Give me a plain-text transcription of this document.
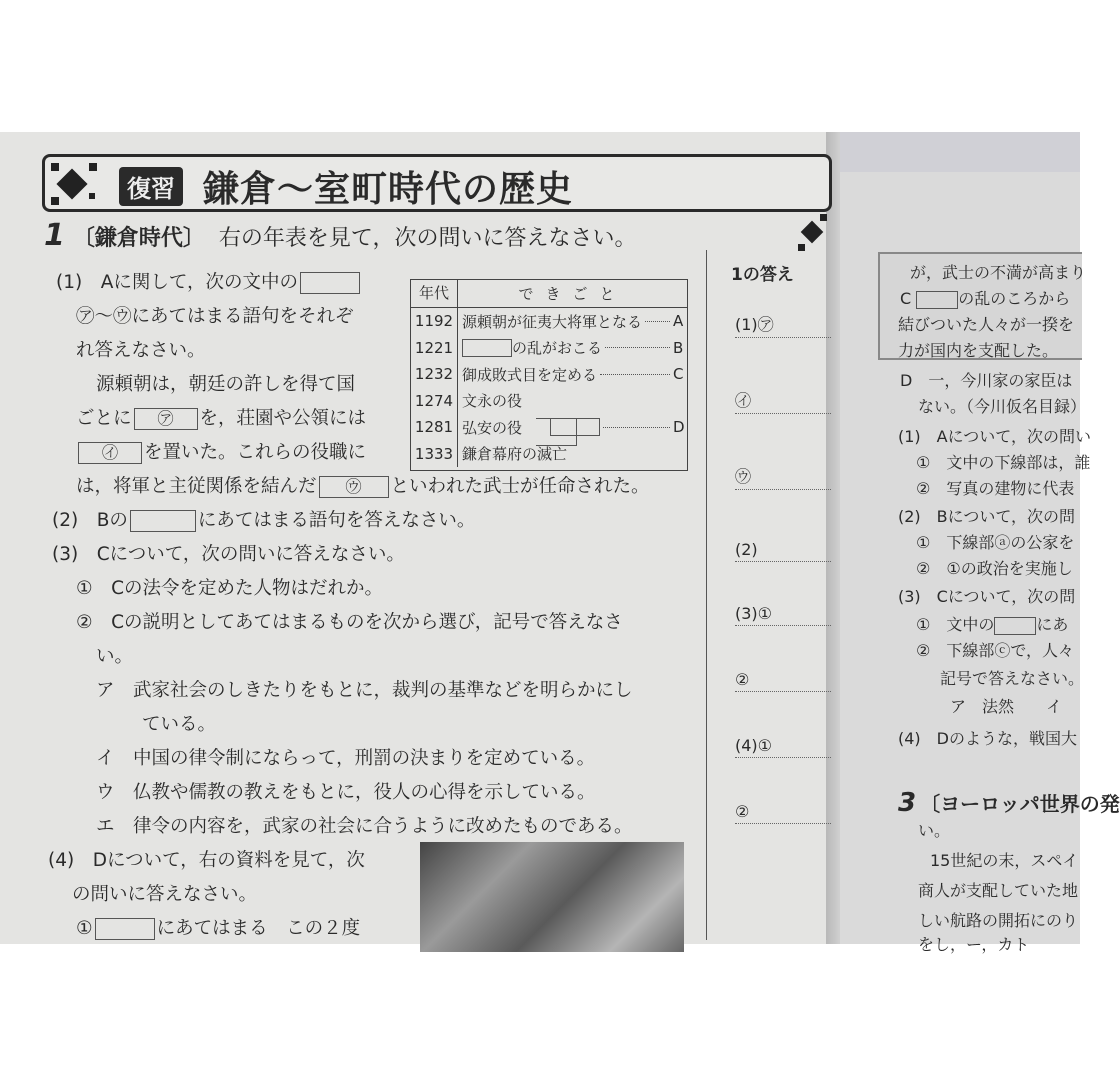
復習 鎌倉〜室町時代の歴史
1 〔鎌倉時代〕 右の年表を見て，次の問いに答えなさい。
(1)　Aに関して，次の文中の
㋐〜㋒にあてはまる語句をそれぞ
れ答えなさい。
源頼朝は，朝廷の許しを得て国
ごとに ㋐ を，荘園や公領には
㋑ を置いた。これらの役職に
は，将軍と主従関係を結んだ ㋒ といわれた武士が任命された。
(2)　Bの	にあてはまる語句を答えなさい。
(3)　Cについて，次の問いに答えなさい。
①　Cの法令を定めた人物はだれか。
②　Cの説明としてあてはまるものを次から選び，記号で答えなさ
い。
ア　武家社会のしきたりをもとに，裁判の基準などを明らかにし
ている。
イ　中国の律令制にならって，刑罰の決まりを定めている。
ウ　仏教や儒教の教えをもとに，役人の心得を示している。
エ　律令の内容を，武家の社会に合うように改めたものである。
(4)　Dについて，右の資料を見て，次
の問いに答えなさい。
①	にあてはまる　この２度
年代	できごと
1192 源頼朝が征夷大将軍となる A
1221	の乱がおこる	B
1232 御成敗式目を定める	C
1274 文永の役
1281 弘安の役	D
1333 鎌倉幕府の滅亡
1の答え
(1)㋐
㋑
㋒
(2)
(3)①
②
(4)①
②
が，武士の不満が高まり
C	の乱のころから
結びついた人々が一揆を
力が国内を支配した。
D　一，今川家の家臣は
ない。（今川仮名目録）
(1)　Aについて，次の問い
①　文中の下線部は，誰
②　写真の建物に代表
(2)　Bについて，次の問
①　下線部ⓐの公家を
②　①の政治を実施し
(3)　Cについて，次の問
①　文中の	にあ
②　下線部ⓒで，人々
記号で答えなさい。
ア　法然　　イ
(4)　Dのような，戦国大
3 〔ヨーロッパ世界の発
い。
15世紀の末，スペイ
商人が支配していた地
しい航路の開拓にのり
をし，ー，カト
